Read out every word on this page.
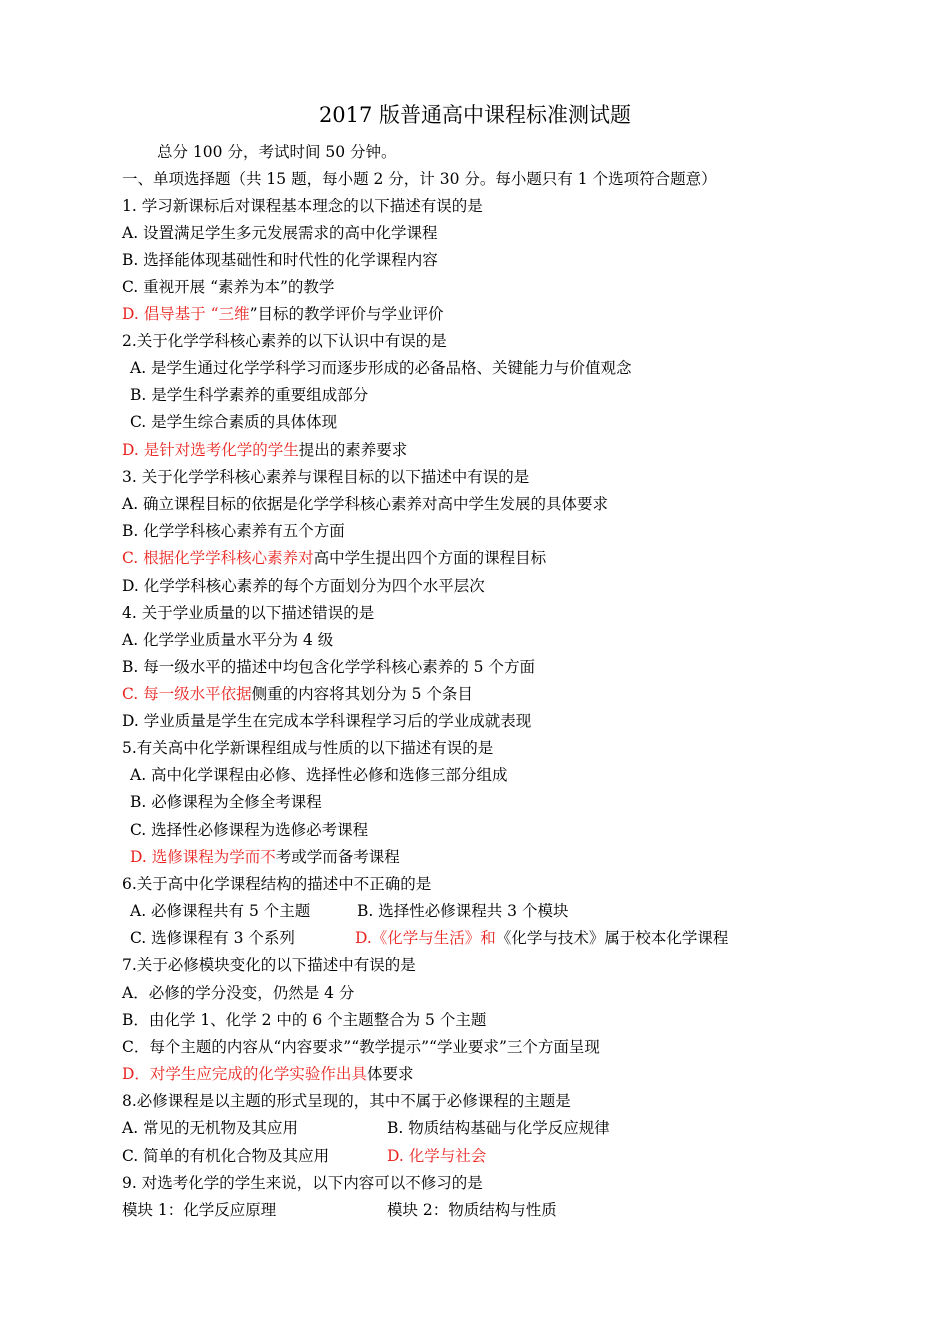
2017 版普通高中课程标准测试题
总分 100 分，考试时间 50 分钟。
一、单项选择题（共 15 题，每小题 2 分，计 30 分。每小题只有 1 个选项符合题意）
1. 学习新课标后对课程基本理念的以下描述有误的是
A. 设置满足学生多元发展需求的高中化学课程
B. 选择能体现基础性和时代性的化学课程内容
C. 重视开展 “素养为本”的教学
D. 倡导基于 “三维”目标的教学评价与学业评价
2.关于化学学科核心素养的以下认识中有误的是
A. 是学生通过化学学科学习而逐步形成的必备品格、关键能力与价值观念
B. 是学生科学素养的重要组成部分
C. 是学生综合素质的具体体现
D. 是针对选考化学的学生提出的素养要求
3. 关于化学学科核心素养与课程目标的以下描述中有误的是
A. 确立课程目标的依据是化学学科核心素养对高中学生发展的具体要求
B. 化学学科核心素养有五个方面
C. 根据化学学科核心素养对高中学生提出四个方面的课程目标
D. 化学学科核心素养的每个方面划分为四个水平层次
4. 关于学业质量的以下描述错误的是
A. 化学学业质量水平分为 4 级
B. 每一级水平的描述中均包含化学学科核心素养的 5 个方面
C. 每一级水平依据侧重的内容将其划分为 5 个条目
D. 学业质量是学生在完成本学科课程学习后的学业成就表现
5.有关高中化学新课程组成与性质的以下描述有误的是
A. 高中化学课程由必修、选择性必修和选修三部分组成
B. 必修课程为全修全考课程
C. 选择性必修课程为选修必考课程
D. 选修课程为学而不考或学而备考课程
6.关于高中化学课程结构的描述中不正确的是
A. 必修课程共有 5 个主题	B. 选择性必修课程共 3 个模块
C. 选修课程有 3 个系列	D.《化学与生活》和《化学与技术》属于校本化学课程
7.关于必修模块变化的以下描述中有误的是
A．必修的学分没变，仍然是 4 分
B．由化学 1、化学 2 中的 6 个主题整合为 5 个主题
C．每个主题的内容从“内容要求”“教学提示”“学业要求”三个方面呈现
D．对学生应完成的化学实验作出具体要求
8.必修课程是以主题的形式呈现的，其中不属于必修课程的主题是
A. 常见的无机物及其应用	B. 物质结构基础与化学反应规律
C. 简单的有机化合物及其应用	D. 化学与社会
9. 对选考化学的学生来说，以下内容可以不修习的是
模块 1：化学反应原理	模块 2：物质结构与性质
